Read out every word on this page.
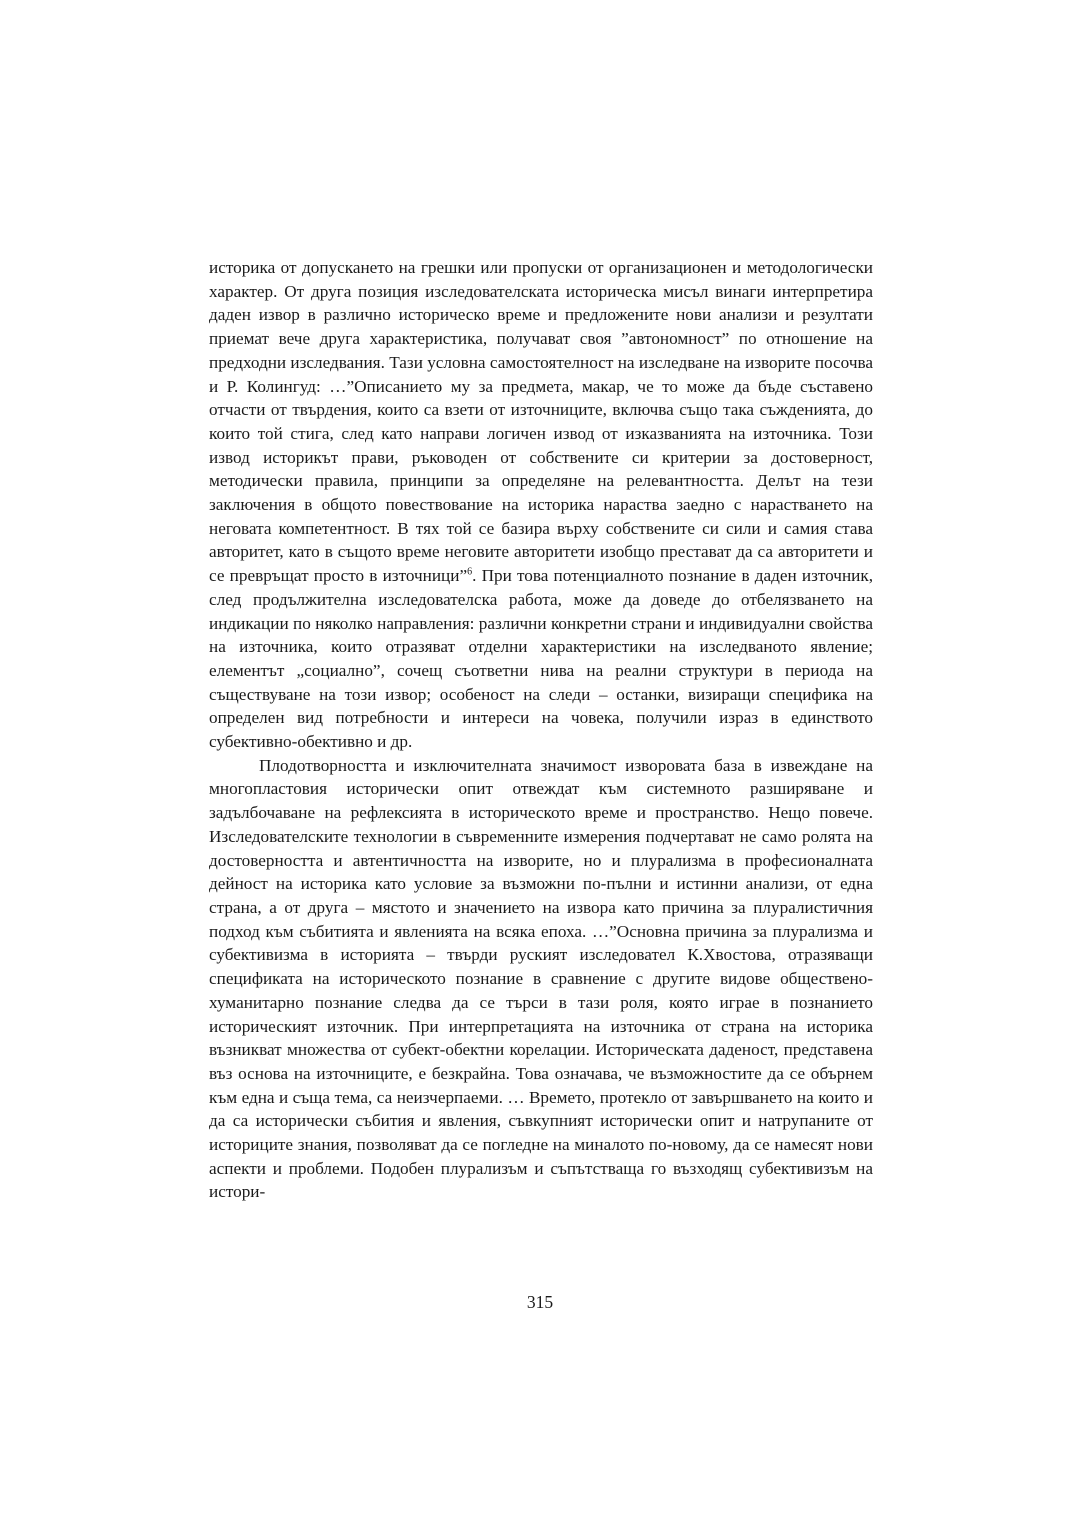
историка от допускането на грешки или пропуски от организационен и методологически характер. От друга позиция изследователската историческа мисъл винаги интерпретира даден извор в различно историческо време и предложените нови анализи и резултати приемат вече друга характеристика, получават своя ”автономност” по отношение на предходни изследвания. Тази условна самостоятелност на изследване на изворите посочва и Р. Колингуд: …”Описанието му за предмета, макар, че то може да бъде съставено отчасти от твърдения, които са взети от източниците, включва също така съжденията, до които той стига, след като направи логичен извод от изказванията на източника. Този извод историкът прави, ръководен от собствените си критерии за достоверност, методически правила, принципи за определяне на релевантността. Делът на тези заключения в общото повествование на историка нараства заедно с нарастването на неговата компетентност. В тях той се базира върху собствените си сили и самия става авторитет, като в същото време неговите авторитети изобщо престават да са авторитети и се превръщат просто в източници”$^6$. При това потенциалното познание в даден източник, след продължителна изследователска работа, може да доведе до отбелязването на индикации по няколко направления: различни конкретни страни и индивидуални свойства на източника, които отразяват отделни характеристики на изследваното явление; елементът „социално”, сочещ съответни нива на реални структури в периода на съществуване на този извор; особеност на следи – останки, визиращи специфика на определен вид потребности и интереси на човека, получили израз в единството субективно-обективно и др.

Плодотворността и изключителната значимост изворовата база в извеждане на многопластовия исторически опит отвеждат към системното разширяване и задълбочаване на рефлексията в историческото време и пространство. Нещо повече. Изследователските технологии в съвременните измерения подчертават не само ролята на достоверността и автентичността на изворите, но и плурализма в професионалната дейност на историка като условие за възможни по-пълни и истинни анализи, от една страна, а от друга – мястото и значението на извора като причина за плуралистичния подход към събитията и явленията на всяка епоха. …”Основна причина за плурализма и субективизма в историята – твърди руският изследовател К.Хвостова, отразяващи спецификата на историческото познание в сравнение с другите видове обществено-хуманитарно познание следва да се търси в тази роля, която играе в познанието историческият източник. При интерпретацията на източника от страна на историка възникват множества от субект-обектни корелации. Историческата даденост, представена въз основа на източниците, е безкрайна. Това означава, че възможностите да се обърнем към една и съща тема, са неизчерпаеми. … Времето, протекло от завършването на които и да са исторически събития и явления, съвкупният исторически опит и натрупаните от историците знания, позволяват да се погледне на миналото по-новому, да се намесят нови аспекти и проблеми. Подобен плурализъм и съпътстваща го възходящ субективизъм на истори-

315
